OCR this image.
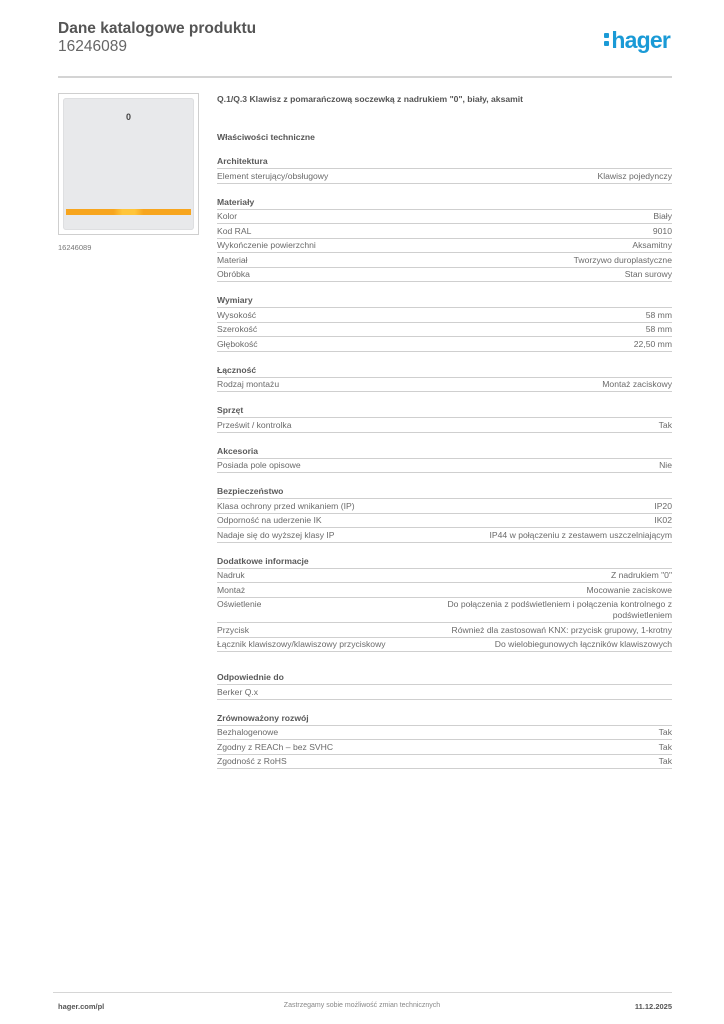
Dane katalogowe produktu

16246089	hager
0
16246089

Q.1/Q.3 Klawisz z pomarańczową soczewką z nadrukiem "0", biały, aksamit

Właściwości techniczne

Architektura
Element sterujący/obsługowy	Klawisz pojedynczy
Materiały
Kolor	Biały
Kod RAL	9010
Wykończenie powierzchni	Aksamitny
Materiał	Tworzywo duroplastyczne
Obróbka	Stan surowy
Wymiary
Wysokość	58 mm
Szerokość	58 mm
Głębokość	22,50 mm
Łączność
Rodzaj montażu	Montaż zaciskowy
Sprzęt
Prześwit / kontrolka	Tak
Akcesoria
Posiada pole opisowe	Nie
Bezpieczeństwo
Klasa ochrony przed wnikaniem (IP)	IP20
Odporność na uderzenie IK	IK02
Nadaje się do wyższej klasy IP	IP44 w połączeniu z zestawem uszczelniającym
Dodatkowe informacje
Nadruk	Z nadrukiem "0"
Montaż	Mocowanie zaciskowe
Oświetlenie	Do połączenia z podświetleniem i połączenia kontrolnego z podświetleniem
Przycisk	Również dla zastosowań KNX: przycisk grupowy, 1-krotny
Łącznik klawiszowy/klawiszowy przyciskowy	Do wielobiegunowych łączników klawiszowych
Odpowiednie do
Berker Q.x
Zrównoważony rozwój
Bezhalogenowe	Tak
Zgodny z REACh – bez SVHC	Tak
Zgodność z RoHS	Tak
hager.com/pl	Zastrzegamy sobie możliwość zmian technicznych	11.12.2025
